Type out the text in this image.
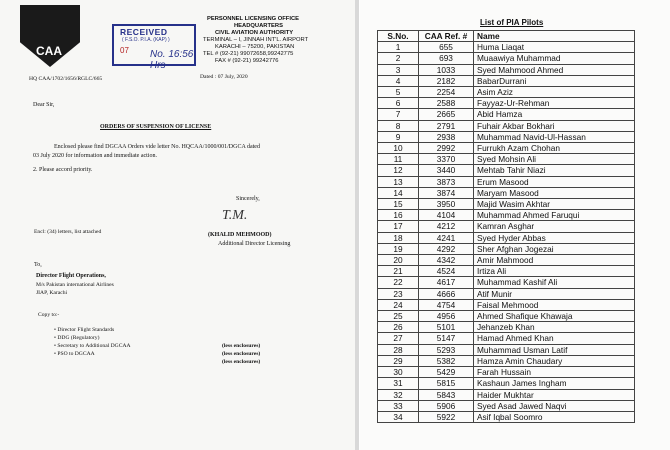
CAA
RECEIVED
( F.S.O. P.I.A. (KAP) )
07 No. 16:56 Hrs
PERSONNEL LICENSING OFFICE
HEADQUARTERS
CIVIL AVIATION AUTHORITY
TERMINAL – I, JINNAH INT'L. AIRPORT
KARACHI – 75200, PAKISTAN
TEL # (92-21) 99072658,99242775
FAX # (92-21) 99242776
HQ CAA/1702/1656/RGLC/665	Dated : 07 July, 2020
Dear Sir,
ORDERS OF SUSPENSION OF LICENSE
Enclosed please find DGCAA Orders vide letter No. HQCAA/1000/001/DGCA dated
03 July 2020 for information and immediate action.
2. Please accord priority.
Sincerely,
T.M.
(KHALID MEHMOOD)
Additional Director Licensing
Encl: (34) letters, list attached
To,
Director Flight Operations,
M/s Pakistan international Airlines
JIAP, Karachi
Copy to:-
• Director Flight Standards
• DDG (Regulatory)
• Secretary to Additional DGCAA
• PSO to DGCAA
(less enclosures)
(less enclosures)
(less enclosures)
List of PIA Pilots
S.No.	CAA Ref. #	Name
1	655	Huma Liaqat
2	693	Muaawiya Muhammad
3	1033	Syed Mahmood Ahmed
4	2182	BabarDurrani
5	2254	Asim Aziz
6	2588	Fayyaz-Ur-Rehman
7	2665	Abid Hamza
8	2791	Fuhair Akbar Bokhari
9	2938	Muhammad Navid-Ul-Hassan
10	2992	Furrukh Azam Chohan
11	3370	Syed Mohsin Ali
12	3440	Mehtab Tahir Niazi
13	3873	Erum Masood
14	3874	Maryam Masood
15	3950	Majid Wasim Akhtar
16	4104	Muhammad Ahmed Faruqui
17	4212	Kamran Asghar
18	4241	Syed Hyder Abbas
19	4292	Sher Afghan Jogezai
20	4342	Amir Mahmood
21	4524	Irtiza Ali
22	4617	Muhammad Kashif Ali
23	4666	Atif Munir
24	4754	Faisal Mehmood
25	4956	Ahmed Shafique Khawaja
26	5101	Jehanzeb Khan
27	5147	Hamad Ahmed Khan
28	5293	Muhammad Usman Latif
29	5382	Hamza Amin Chaudary
30	5429	Farah Hussain
31	5815	Kashaun James Ingham
32	5843	Haider Mukhtar
33	5906	Syed Asad Jawed Naqvi
34	5922	Asif Iqbal Soomro
